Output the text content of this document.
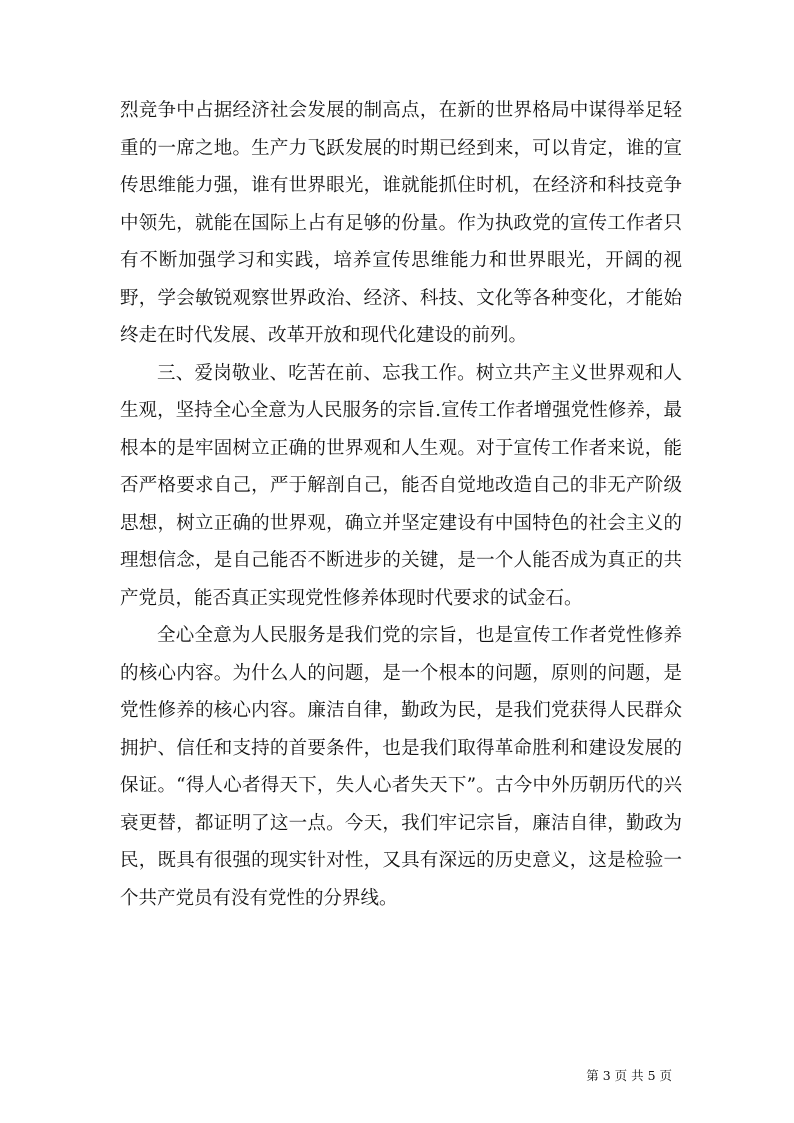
烈竞争中占据经济社会发展的制高点，在新的世界格局中谋得举足轻重的一席之地。生产力飞跃发展的时期已经到来，可以肯定，谁的宣传思维能力强，谁有世界眼光，谁就能抓住时机，在经济和科技竞争中领先，就能在国际上占有足够的份量。作为执政党的宣传工作者只有不断加强学习和实践，培养宣传思维能力和世界眼光，开阔的视野，学会敏锐观察世界政治、经济、科技、文化等各种变化，才能始终走在时代发展、改革开放和现代化建设的前列。

三、爱岗敬业、吃苦在前、忘我工作。树立共产主义世界观和人生观，坚持全心全意为人民服务的宗旨.宣传工作者增强党性修养，最根本的是牢固树立正确的世界观和人生观。对于宣传工作者来说，能否严格要求自己，严于解剖自己，能否自觉地改造自己的非无产阶级思想，树立正确的世界观，确立并坚定建设有中国特色的社会主义的理想信念，是自己能否不断进步的关键，是一个人能否成为真正的共产党员，能否真正实现党性修养体现时代要求的试金石。

全心全意为人民服务是我们党的宗旨，也是宣传工作者党性修养的核心内容。为什么人的问题，是一个根本的问题，原则的问题，是党性修养的核心内容。廉洁自律，勤政为民，是我们党获得人民群众拥护、信任和支持的首要条件，也是我们取得革命胜利和建设发展的保证。“得人心者得天下，失人心者失天下”。古今中外历朝历代的兴衰更替，都证明了这一点。今天，我们牢记宗旨，廉洁自律，勤政为民，既具有很强的现实针对性，又具有深远的历史意义，这是检验一个共产党员有没有党性的分界线。

第 3 页 共 5 页
